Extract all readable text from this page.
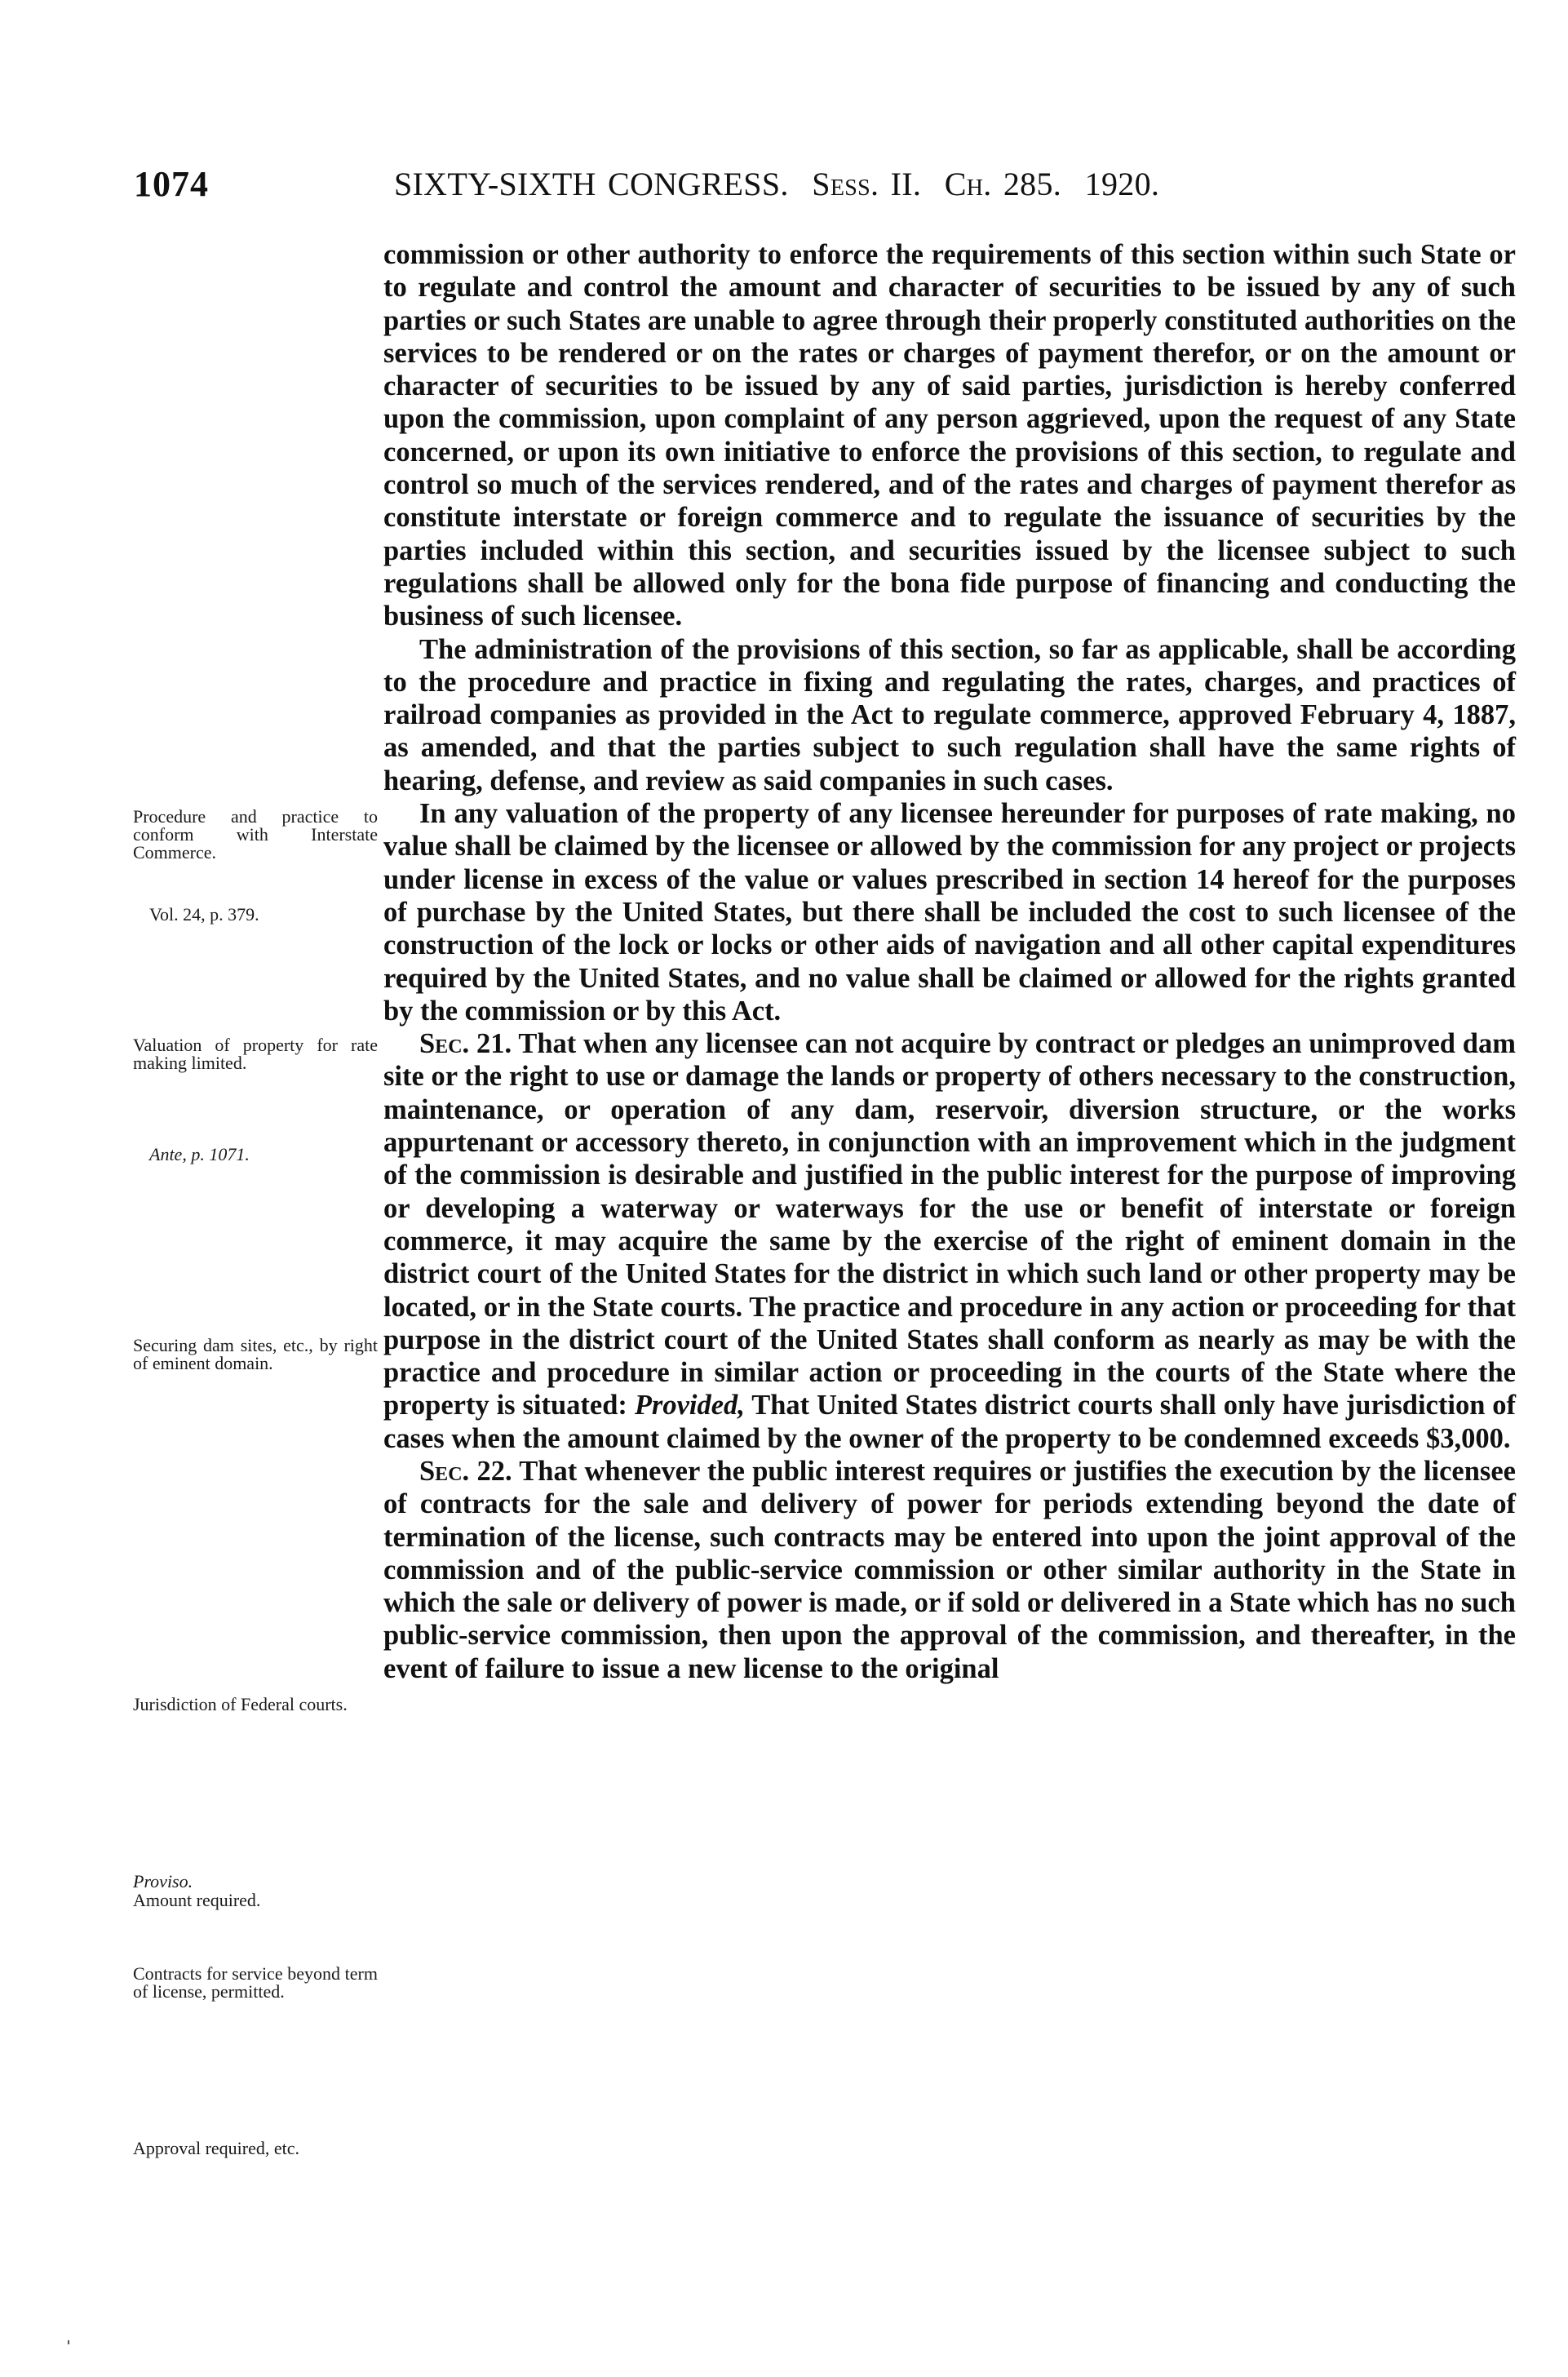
1074	SIXTY-SIXTH CONGRESS. Sess. II. Ch. 285. 1920.
Procedure and practice to conform with Interstate Commerce.
Vol. 24, p. 379.
Valuation of property for rate making limited.
Ante, p. 1071.
Securing dam sites, etc., by right of eminent domain.
Jurisdiction of Federal courts.
Proviso.
Amount required.
Contracts for service beyond term of license, permitted.
Approval required, etc.

commission or other authority to enforce the requirements of this section within such State or to regulate and control the amount and character of securities to be issued by any of such parties or such States are unable to agree through their properly constituted authorities on the services to be rendered or on the rates or charges of payment therefor, or on the amount or character of securities to be issued by any of said parties, jurisdiction is hereby conferred upon the commission, upon complaint of any person aggrieved, upon the request of any State concerned, or upon its own initiative to enforce the provisions of this section, to regulate and control so much of the services rendered, and of the rates and charges of payment therefor as constitute interstate or foreign commerce and to regulate the issuance of securities by the parties included within this section, and securities issued by the licensee subject to such regulations shall be allowed only for the bona fide purpose of financing and conducting the business of such licensee.

The administration of the provisions of this section, so far as applicable, shall be according to the procedure and practice in fixing and regulating the rates, charges, and practices of railroad companies as provided in the Act to regulate commerce, approved February 4, 1887, as amended, and that the parties subject to such regulation shall have the same rights of hearing, defense, and review as said companies in such cases.

In any valuation of the property of any licensee hereunder for purposes of rate making, no value shall be claimed by the licensee or allowed by the commission for any project or projects under license in excess of the value or values prescribed in section 14 hereof for the purposes of purchase by the United States, but there shall be included the cost to such licensee of the construction of the lock or locks or other aids of navigation and all other capital expenditures required by the United States, and no value shall be claimed or allowed for the rights granted by the commission or by this Act.

Sec. 21. That when any licensee can not acquire by contract or pledges an unimproved dam site or the right to use or damage the lands or property of others necessary to the construction, maintenance, or operation of any dam, reservoir, diversion structure, or the works appurtenant or accessory thereto, in conjunction with an improvement which in the judgment of the commission is desirable and justified in the public interest for the purpose of improving or developing a waterway or waterways for the use or benefit of interstate or foreign commerce, it may acquire the same by the exercise of the right of eminent domain in the district court of the United States for the district in which such land or other property may be located, or in the State courts. The practice and procedure in any action or proceeding for that purpose in the district court of the United States shall conform as nearly as may be with the practice and procedure in similar action or proceeding in the courts of the State where the property is situated: Provided, That United States district courts shall only have jurisdiction of cases when the amount claimed by the owner of the property to be condemned exceeds $3,000.

Sec. 22. That whenever the public interest requires or justifies the execution by the licensee of contracts for the sale and delivery of power for periods extending beyond the date of termination of the license, such contracts may be entered into upon the joint approval of the commission and of the public-service commission or other similar authority in the State in which the sale or delivery of power is made, or if sold or delivered in a State which has no such public-service commission, then upon the approval of the commission, and thereafter, in the event of failure to issue a new license to the original
